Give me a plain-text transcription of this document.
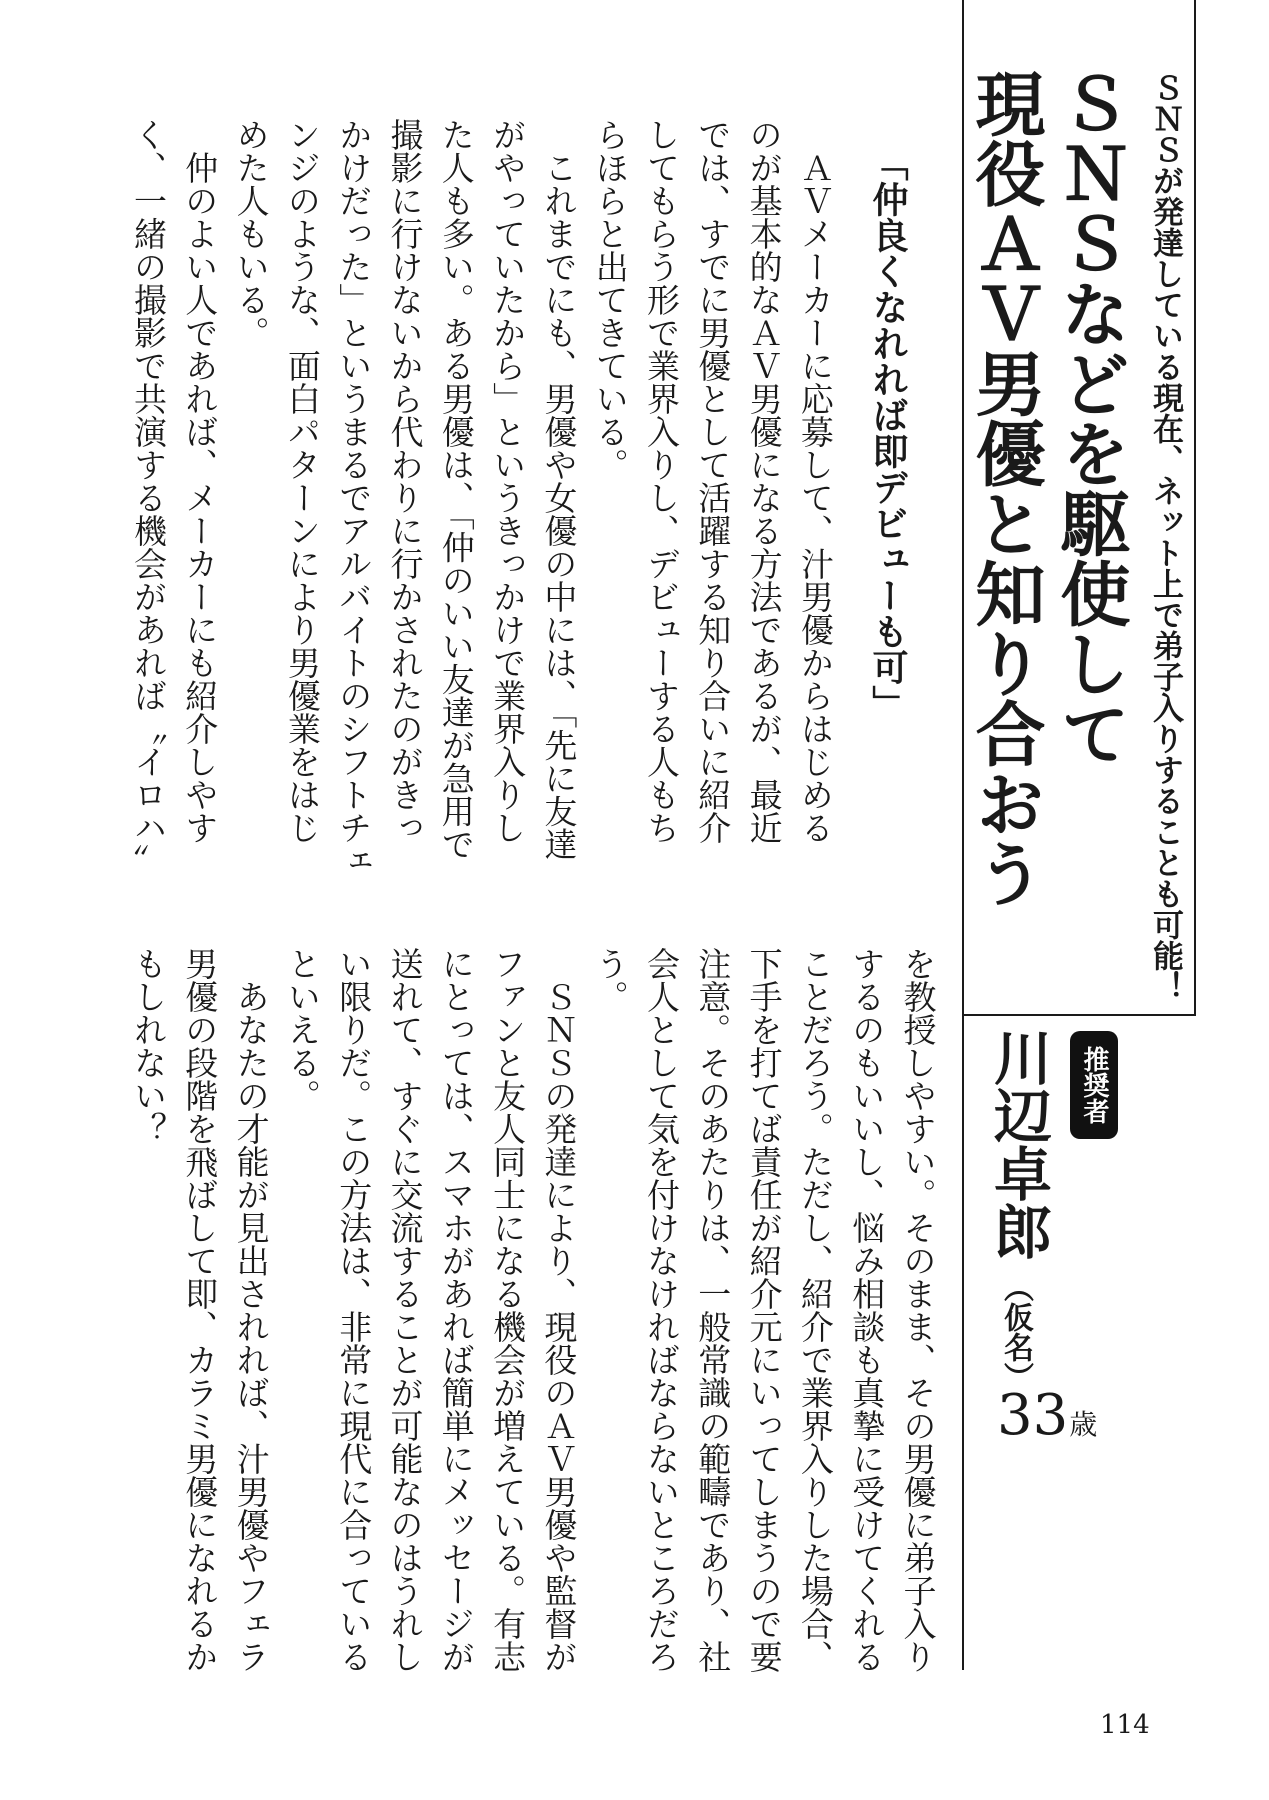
ＳＮＳが発達している現在、ネット上で弟子入りすることも可能！
ＳＮＳなどを駆使して
現役ＡＶ男優と知り合おう
推奨者
川辺卓郎
（仮名）
33 歳
「仲良くなれれば即デビューも可」
　ＡＶメーカーに応募して、汁男優からはじめる
のが基本的なＡＶ男優になる方法であるが、最近
では、すでに男優として活躍する知り合いに紹介
してもらう形で業界入りし、デビューする人もち
らほらと出てきている。
　これまでにも、男優や女優の中には、「先に友達
がやっていたから」というきっかけで業界入りし
た人も多い。ある男優は、「仲のいい友達が急用で
撮影に行けないから代わりに行かされたのがきっ
かけだった」というまるでアルバイトのシフトチェ
ンジのような、面白パターンにより男優業をはじ
めた人もいる。
　仲のよい人であれば、メーカーにも紹介しやす
く、一緒の撮影で共演する機会があれば〝イロハ〟
を教授しやすい。そのまま、その男優に弟子入り
するのもいいし、悩み相談も真摯に受けてくれる
ことだろう。ただし、紹介で業界入りした場合、
下手を打てば責任が紹介元にいってしまうので要
注意。そのあたりは、一般常識の範疇であり、社
会人として気を付けなければならないところだろ
う。
　ＳＮＳの発達により、現役のＡＶ男優や監督が
ファンと友人同士になる機会が増えている。有志
にとっては、スマホがあれば簡単にメッセージが
送れて、すぐに交流することが可能なのはうれし
い限りだ。この方法は、非常に現代に合っている
といえる。
　あなたの才能が見出されれば、汁男優やフェラ
男優の段階を飛ばして即、カラミ男優になれるか
もしれない？
114
